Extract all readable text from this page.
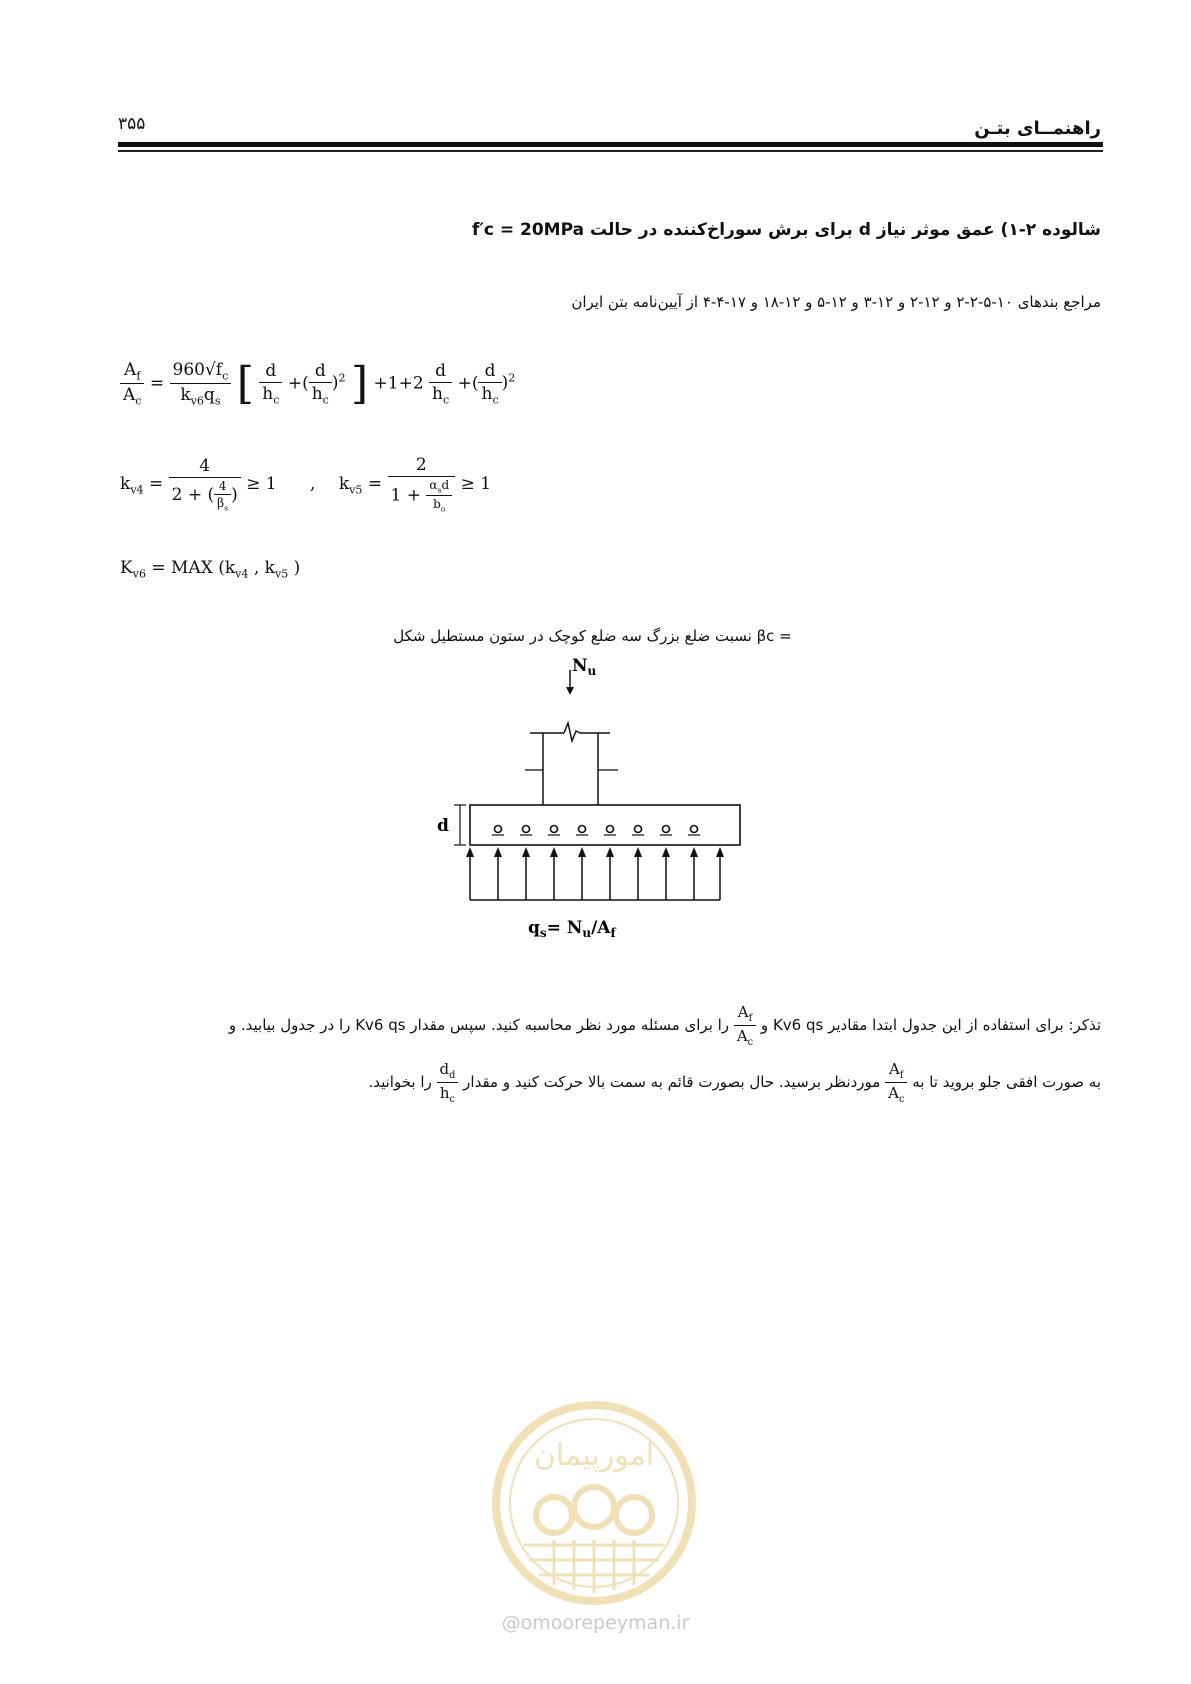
راهنمــای بتـن
۳۵۵
شالوده ۲-۱) عمق موثر نیاز d برای برش سوراخ‌کننده در حالت f′c = 20MPa
مراجع بندهای ۱۰-۵-۲-۲ و ۱۲-۲ و ۱۲-۳ و ۱۲-۵ و ۱۲-۱۸ و ۱۷-۴-۴ از آیین‌نامه بتن ایران
$\frac{A_f}{A_c} = \frac{960√f_c}{k_{v6}q_s}$ [ $\frac{d}{h_c}$ +( $\frac{d}{h_c} )^2$ ] $+1+2 \frac{d}{h_c}$ +( $\frac{d}{h_c} )^2$
$k_{v4} = \frac{4}{2 + ( \frac{4}{\beta_s} )} \ge 1$ , $k_{v5} = \frac{2}{1 + \frac{\alpha_sd}{b_o}} \ge 1$
$K_{v6}$ = MAX ($k_{v4}$ , $k_{v5}$ )
= β‎c نسبت ضلع بزرگ سه ضلع کوچک در ستون مستطیل شکل
$N_u$
d
$q_s= N_u/A_f$
تذکر: برای استفاده از این جدول ابتدا مقادیر K‎v6 q‎s و
$\frac{A_f}{A_c}$
را برای مسئله مورد نظر محاسبه کنید. سپس مقدار K‎v6 q‎s را در جدول بیابید. و
به صورت افقی جلو بروید تا به
$\frac{A_f}{A_c}$
موردنظر برسید. حال بصورت قائم به سمت بالا حرکت کنید و مقدار
$\frac{d_d}{h_c}$
را بخوانید.
امورپیمان
@omoorepeyman.ir
